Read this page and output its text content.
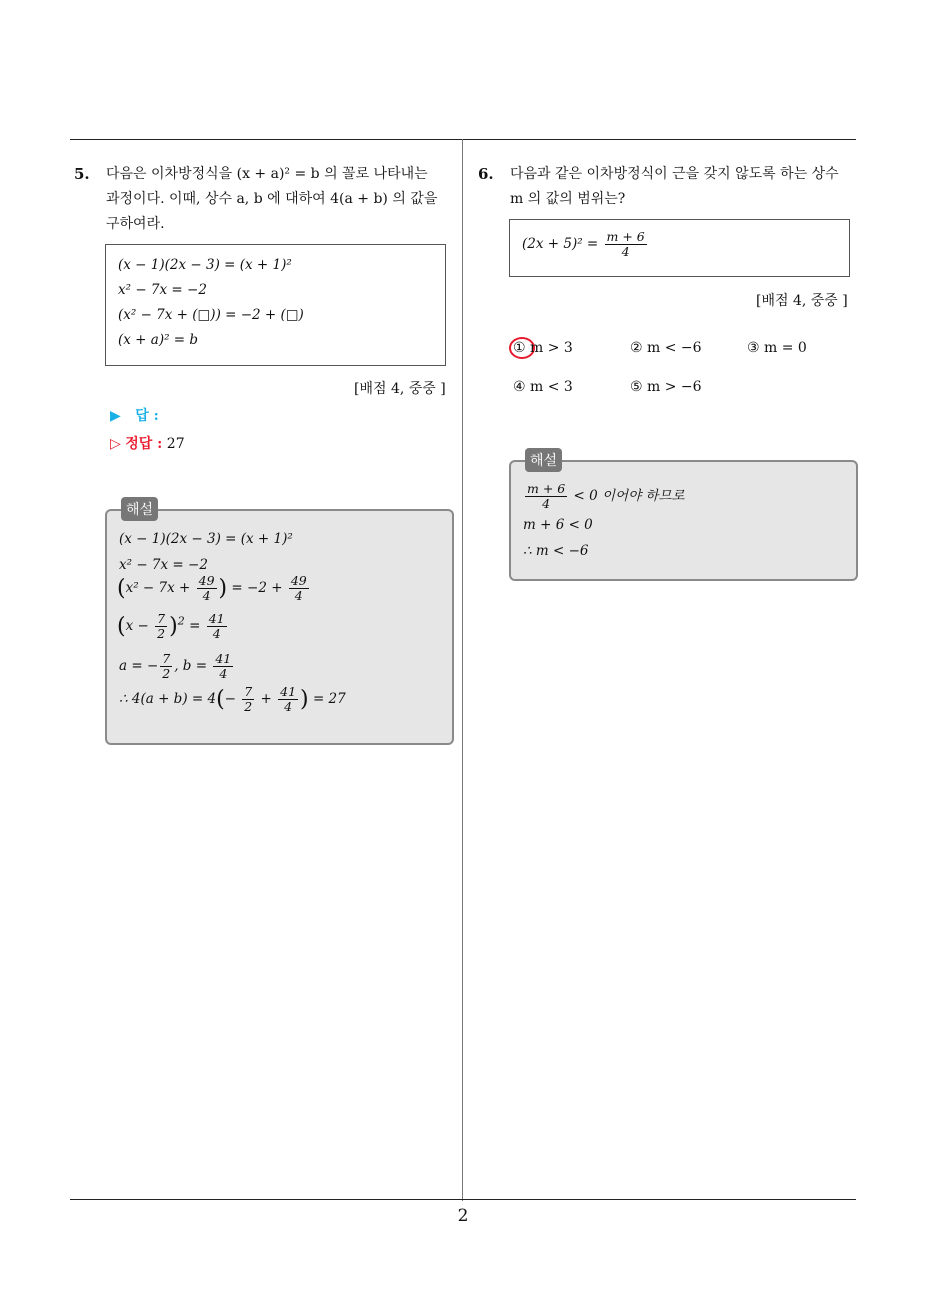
2
5. 다음은 이차방정식을 (x + a)² = b 의 꼴로 나타내는
과정이다. 이때, 상수 a, b 에 대하여 4(a + b) 의 값을
구하여라.
(x − 1)(2x − 3) = (x + 1)²
x² − 7x = −2
(x² − 7x + (□)) = −2 + (□)
(x + a)² = b
[배점 4, 중중 ]
▶ 답 :
▷ 정답 : 27
해설
(x − 1)(2x − 3) = (x + 1)²
x² − 7x = −2
($x^2 - 7x + \frac{49}{4}$ ) = $-2 + \frac{49}{4}$
$(x - \frac{7}{2} )^2 = \frac{41}{4}$
a = − $\frac{7}{2}$ , $b = \frac{41}{4}$
∴ $4(a + b) = 4(- \frac{7}{2} + \frac{41}{4}$ ) = 27
6. 다음과 같은 이차방정식이 근을 갖지 않도록 하는 상수
m 의 값의 범위는?
$(2x + 5)^2 = \frac{m + 6}{4}$
[배점 4, 중중 ]
① m > 3	② m < −6	③ m = 0
④ m < 3	⑤ m > −6
해설
$\frac{m + 6}{4} < 0$ 이어야 하므로
m + 6 < 0
∴ m < −6
